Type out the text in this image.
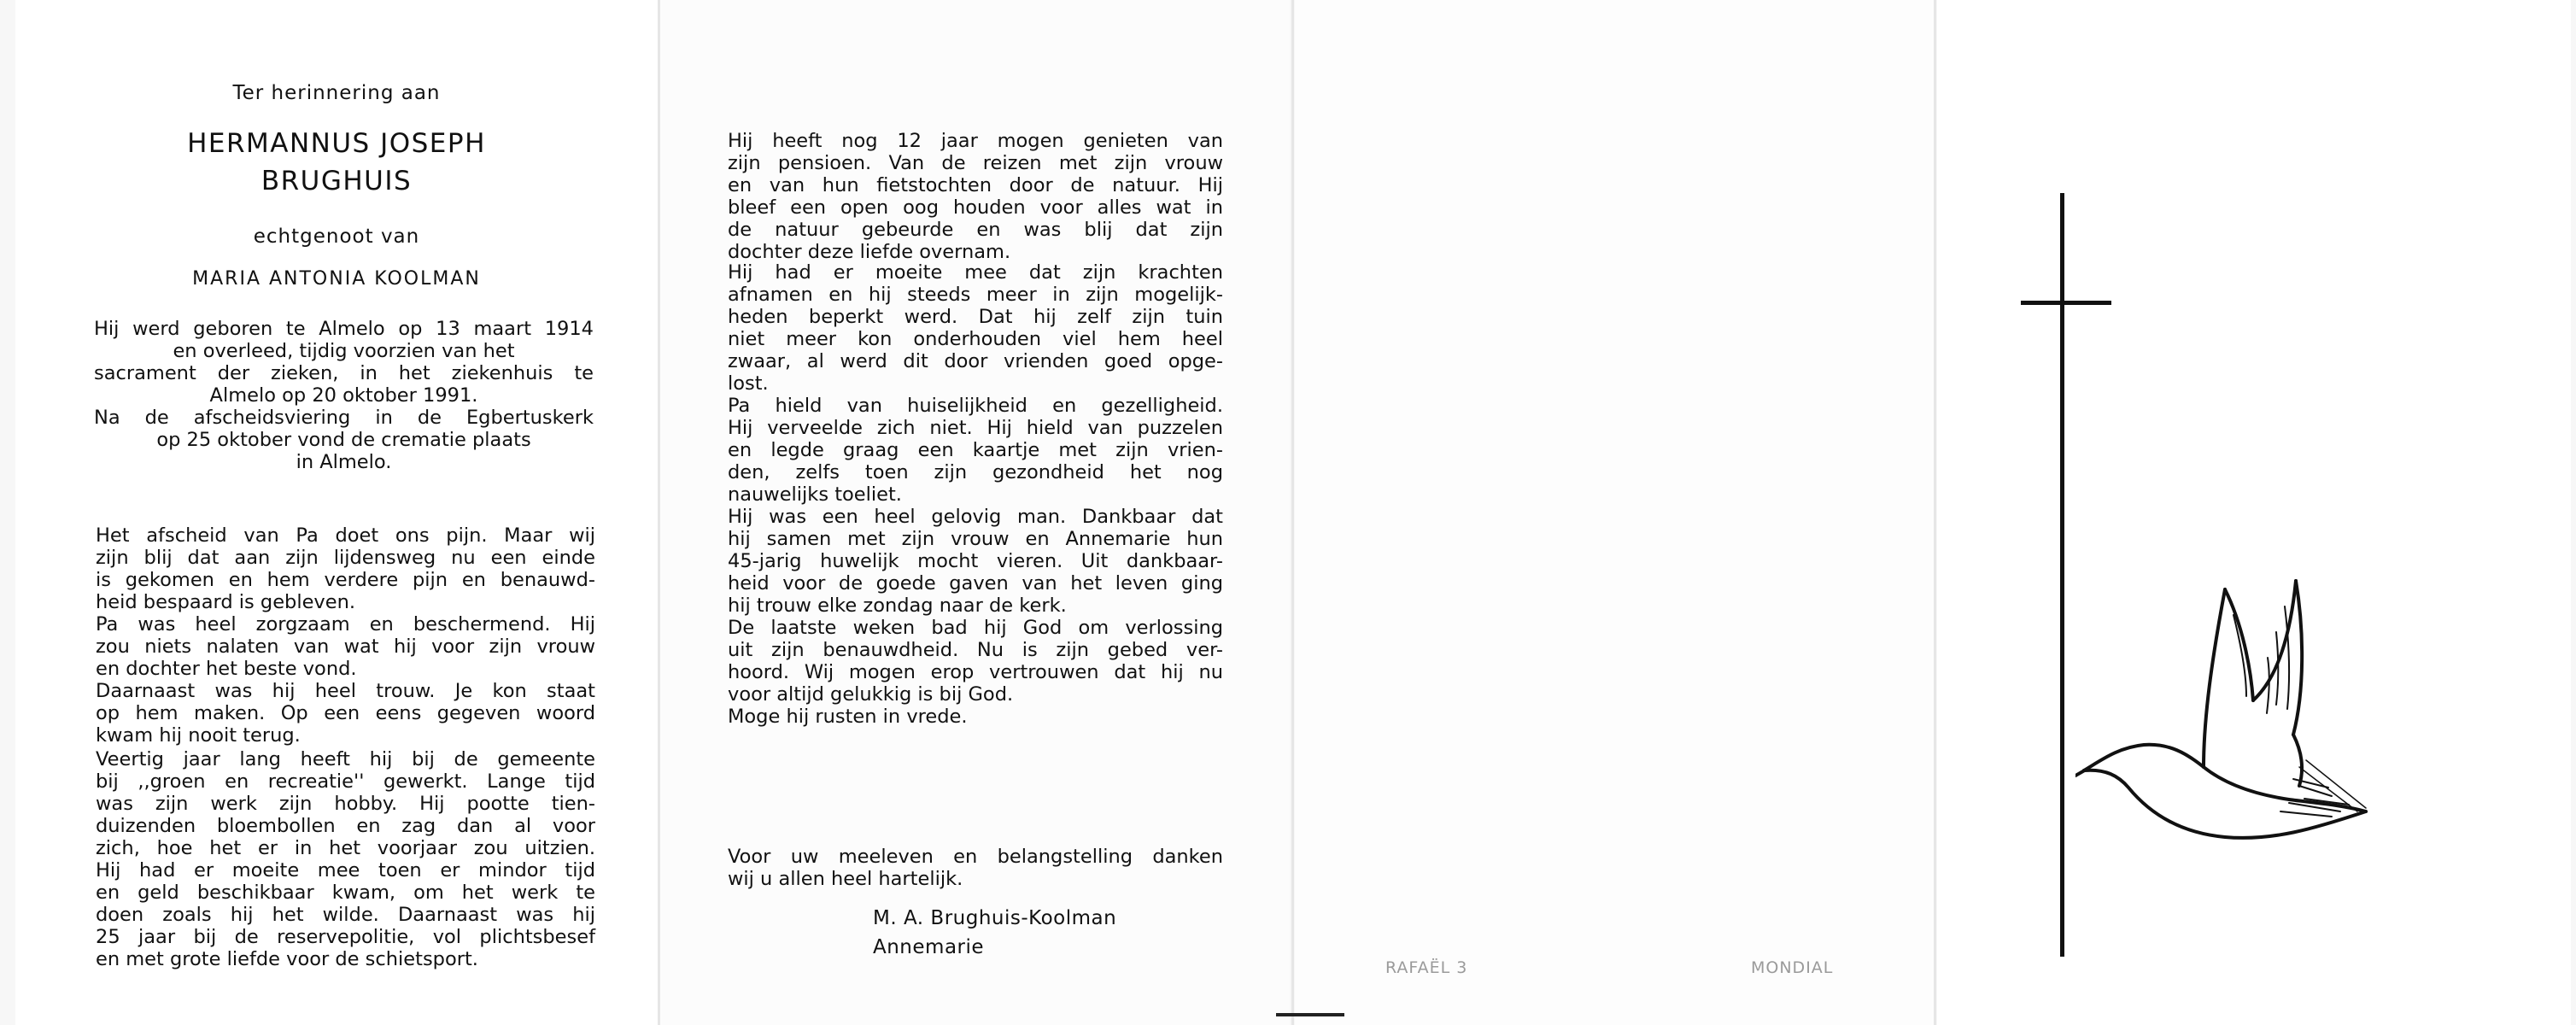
Ter herinnering aan
HERMANNUS JOSEPH
BRUGHUIS
echtgenoot van
MARIA ANTONIA KOOLMAN
Hij werd geboren te Almelo op 13 maart 1914
en overleed, tijdig voorzien van het
sacrament der zieken, in het ziekenhuis te
Almelo op 20 oktober 1991.
Na de afscheidsviering in de Egbertuskerk
op 25 oktober vond de crematie plaats
in Almelo.
Het afscheid van Pa doet ons pijn. Maar wij
zijn blij dat aan zijn lijdensweg nu een einde
is gekomen en hem verdere pijn en benauwd-
heid bespaard is gebleven.
Pa was heel zorgzaam en beschermend. Hij
zou niets nalaten van wat hij voor zijn vrouw
en dochter het beste vond.
Daarnaast was hij heel trouw. Je kon staat
op hem maken. Op een eens gegeven woord
kwam hij nooit terug.
Veertig jaar lang heeft hij bij de gemeente
bij ,,groen en recreatie'' gewerkt. Lange tijd
was zijn werk zijn hobby. Hij pootte tien-
duizenden bloembollen en zag dan al voor
zich, hoe het er in het voorjaar zou uitzien.
Hij had er moeite mee toen er mindor tijd
en geld beschikbaar kwam, om het werk te
doen zoals hij het wilde. Daarnaast was hij
25 jaar bij de reservepolitie, vol plichtsbesef
en met grote liefde voor de schietsport.
Hij heeft nog 12 jaar mogen genieten van
zijn pensioen. Van de reizen met zijn vrouw
en van hun fietstochten door de natuur. Hij
bleef een open oog houden voor alles wat in
de natuur gebeurde en was blij dat zijn
dochter deze liefde overnam.
Hij had er moeite mee dat zijn krachten
afnamen en hij steeds meer in zijn mogelijk-
heden beperkt werd. Dat hij zelf zijn tuin
niet meer kon onderhouden viel hem heel
zwaar, al werd dit door vrienden goed opge-
lost.
Pa hield van huiselijkheid en gezelligheid.
Hij verveelde zich niet. Hij hield van puzzelen
en legde graag een kaartje met zijn vrien-
den, zelfs toen zijn gezondheid het nog
nauwelijks toeliet.
Hij was een heel gelovig man. Dankbaar dat
hij samen met zijn vrouw en Annemarie hun
45-jarig huwelijk mocht vieren. Uit dankbaar-
heid voor de goede gaven van het leven ging
hij trouw elke zondag naar de kerk.
De laatste weken bad hij God om verlossing
uit zijn benauwdheid. Nu is zijn gebed ver-
hoord. Wij mogen erop vertrouwen dat hij nu
voor altijd gelukkig is bij God.
Moge hij rusten in vrede.
Voor uw meeleven en belangstelling danken
wij u allen heel hartelijk.
M. A. Brughuis-Koolman
Annemarie
RAFAËL 3	MONDIAL
